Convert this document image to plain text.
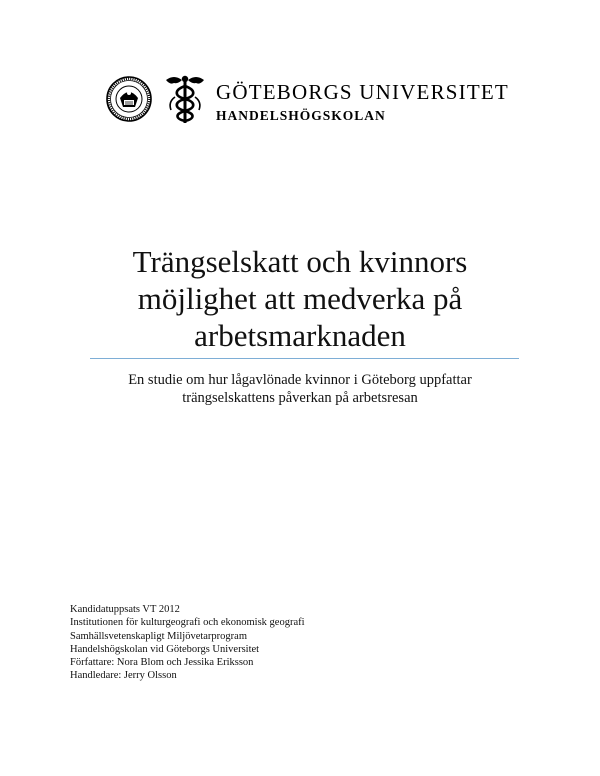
GÖTEBORGS UNIVERSITET
HANDELSHÖGSKOLAN
Trängselskatt och kvinnors
möjlighet att medverka på
arbetsmarknaden
En studie om hur lågavlönade kvinnor i Göteborg uppfattar
trängselskattens påverkan på arbetsresan
Kandidatuppsats VT 2012
Institutionen för kulturgeografi och ekonomisk geografi
Samhällsvetenskapligt Miljövetarprogram
Handelshögskolan vid Göteborgs Universitet
Författare: Nora Blom och Jessika Eriksson
Handledare: Jerry Olsson
